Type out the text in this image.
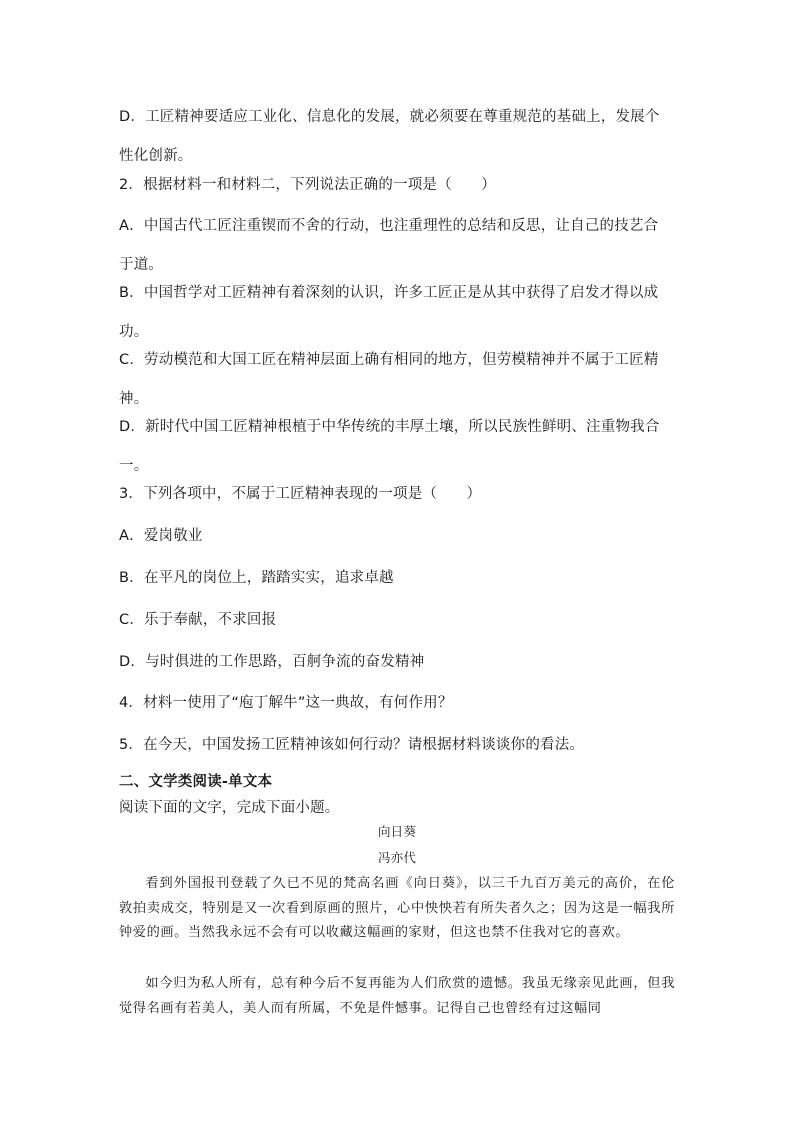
D．工匠精神要适应工业化、信息化的发展，就必须要在尊重规范的基础上，发展个
性化创新。
2．根据材料一和材料二，下列说法正确的一项是（　　）
A．中国古代工匠注重锲而不舍的行动，也注重理性的总结和反思，让自己的技艺合
于道。
B．中国哲学对工匠精神有着深刻的认识，许多工匠正是从其中获得了启发才得以成
功。
C．劳动模范和大国工匠在精神层面上确有相同的地方，但劳模精神并不属于工匠精
神。
D．新时代中国工匠精神根植于中华传统的丰厚土壤，所以民族性鲜明、注重物我合
一。
3．下列各项中，不属于工匠精神表现的一项是（　　）
A．爱岗敬业
B．在平凡的岗位上，踏踏实实，追求卓越
C．乐于奉献，不求回报
D．与时俱进的工作思路，百舸争流的奋发精神
4．材料一使用了“庖丁解牛”这一典故，有何作用？
5．在今天，中国发扬工匠精神该如何行动？请根据材料谈谈你的看法。
二、文学类阅读-单文本
阅读下面的文字，完成下面小题。
向日葵
冯亦代

看到外国报刊登载了久已不见的梵高名画《向日葵》，以三千九百万美元的高价，在伦敦拍卖成交，特别是又一次看到原画的照片，心中怏怏若有所失者久之；因为这是一幅我所钟爱的画。当然我永远不会有可以收藏这幅画的家财，但这也禁不住我对它的喜欢。

如今归为私人所有，总有种今后不复再能为人们欣赏的遗憾。我虽无缘亲见此画，但我觉得名画有若美人，美人而有所属，不免是件憾事。记得自己也曾经有过这幅同
